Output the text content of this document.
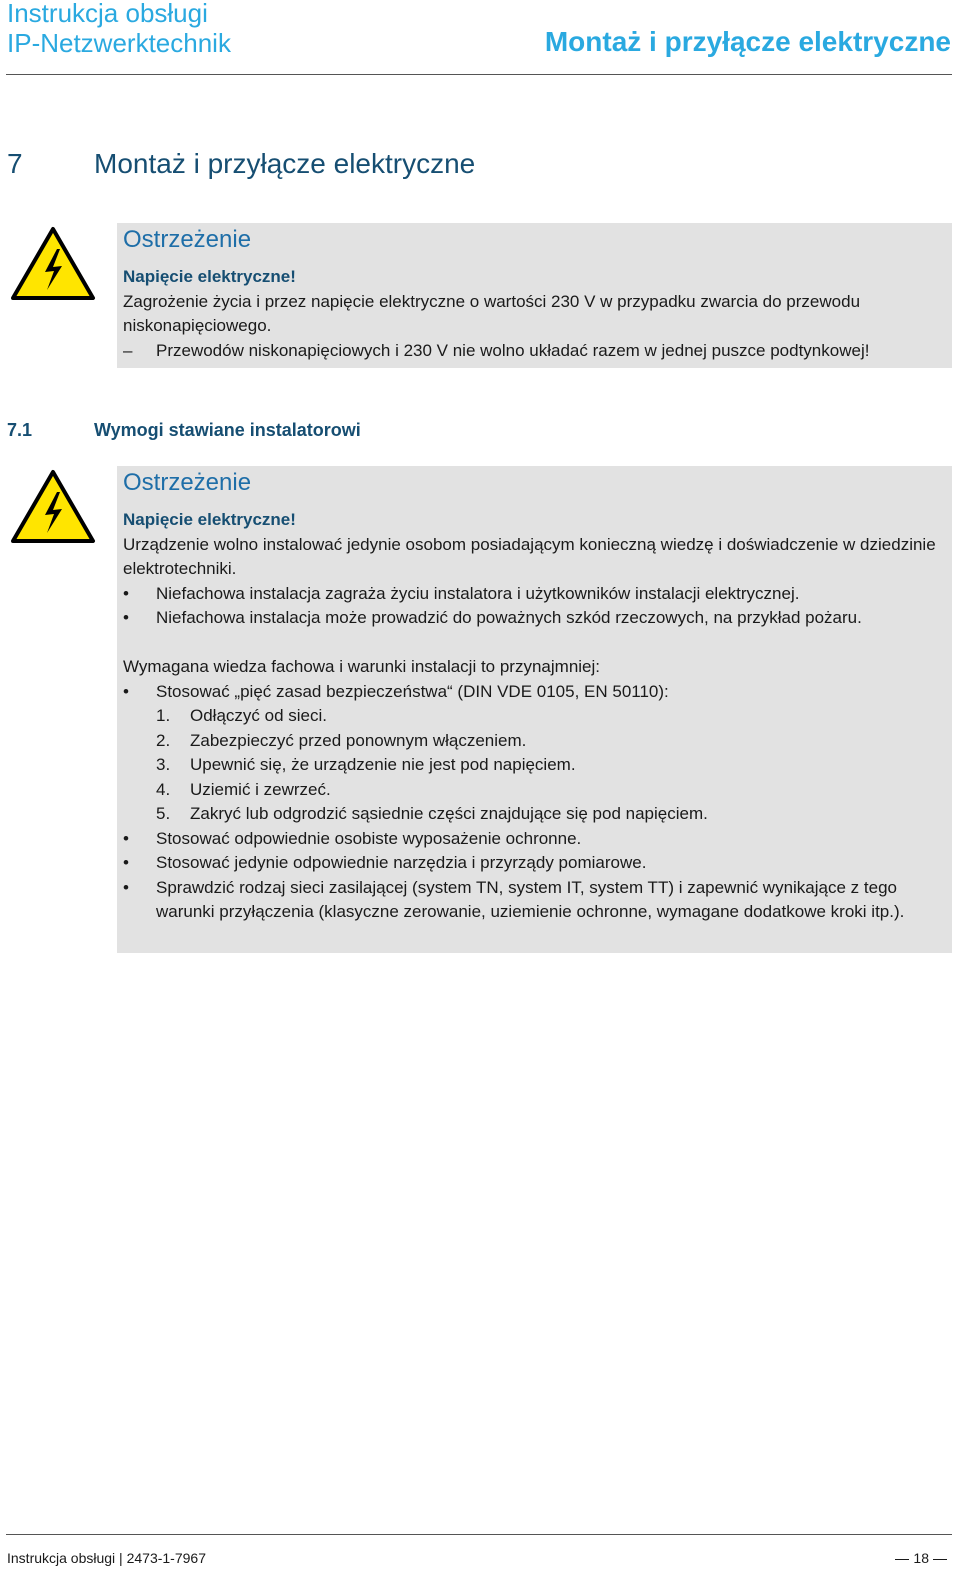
Instrukcja obsługi
IP-Netzwerktechnik	Montaż i przyłącze elektryczne
7	Montaż i przyłącze elektryczne
Ostrzeżenie
Napięcie elektryczne!
Zagrożenie życia i przez napięcie elektryczne o wartości 230 V w przypadku zwarcia do przewodu niskonapięciowego.
– Przewodów niskonapięciowych i 230 V nie wolno układać razem w jednej puszce podtynkowej!
7.1	Wymogi stawiane instalatorowi
Ostrzeżenie
Napięcie elektryczne!
Urządzenie wolno instalować jedynie osobom posiadającym konieczną wiedzę i doświadczenie w dziedzinie elektrotechniki.
• Niefachowa instalacja zagraża życiu instalatora i użytkowników instalacji elektrycznej.
• Niefachowa instalacja może prowadzić do poważnych szkód rzeczowych, na przykład pożaru.
Wymagana wiedza fachowa i warunki instalacji to przynajmniej:
• Stosować „pięć zasad bezpieczeństwa“ (DIN VDE 0105, EN 50110):
1. Odłączyć od sieci.
2. Zabezpieczyć przed ponownym włączeniem.
3. Upewnić się, że urządzenie nie jest pod napięciem.
4. Uziemić i zewrzeć.
5. Zakryć lub odgrodzić sąsiednie części znajdujące się pod napięciem.
• Stosować odpowiednie osobiste wyposażenie ochronne.
• Stosować jedynie odpowiednie narzędzia i przyrządy pomiarowe.
• Sprawdzić rodzaj sieci zasilającej (system TN, system IT, system TT) i zapewnić wynikające z tego warunki przyłączenia (klasyczne zerowanie, uziemienie ochronne, wymagane dodatkowe kroki itp.).
Instrukcja obsługi | 2473-1-7967	18
